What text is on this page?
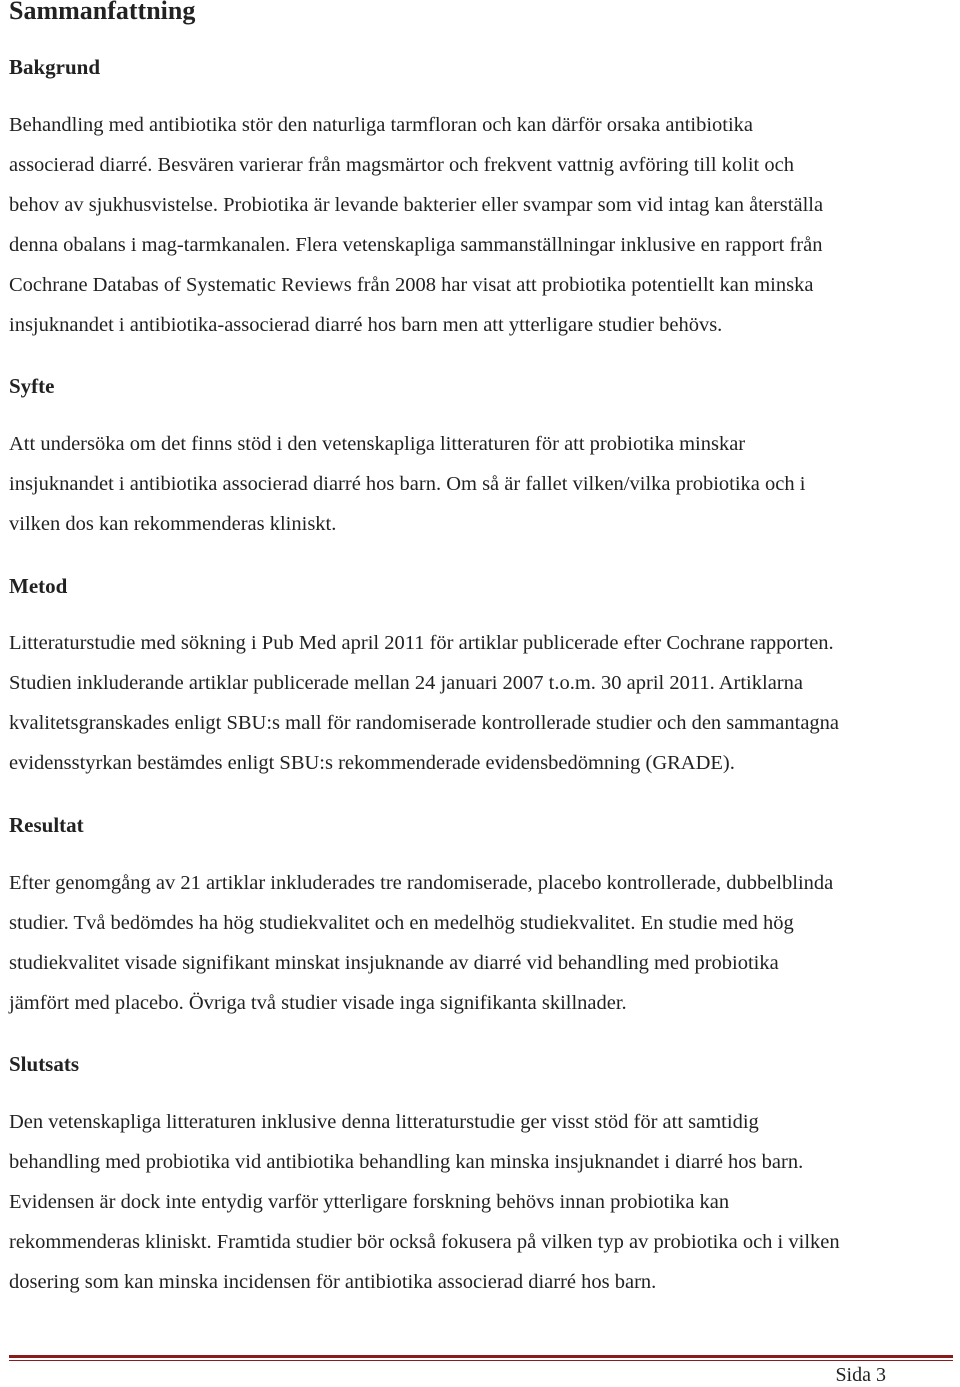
Sammanfattning
Bakgrund

Behandling med antibiotika stör den naturliga tarmfloran och kan därför orsaka antibiotika
associerad diarré. Besvären varierar från magsmärtor och frekvent vattnig avföring till kolit och
behov av sjukhusvistelse. Probiotika är levande bakterier eller svampar som vid intag kan återställa
denna obalans i mag-tarmkanalen. Flera vetenskapliga sammanställningar inklusive en rapport från
Cochrane Databas of Systematic Reviews från 2008 har visat att probiotika potentiellt kan minska
insjuknandet i antibiotika-associerad diarré hos barn men att ytterligare studier behövs.

Syfte

Att undersöka om det finns stöd i den vetenskapliga litteraturen för att probiotika minskar
insjuknandet i antibiotika associerad diarré hos barn. Om så är fallet vilken/vilka probiotika och i
vilken dos kan rekommenderas kliniskt.

Metod

Litteraturstudie med sökning i Pub Med april 2011 för artiklar publicerade efter Cochrane rapporten.
Studien inkluderande artiklar publicerade mellan 24 januari 2007 t.o.m. 30 april 2011. Artiklarna
kvalitetsgranskades enligt SBU:s mall för randomiserade kontrollerade studier och den sammantagna
evidensstyrkan bestämdes enligt SBU:s rekommenderade evidensbedömning (GRADE).

Resultat

Efter genomgång av 21 artiklar inkluderades tre randomiserade, placebo kontrollerade, dubbelblinda
studier. Två bedömdes ha hög studiekvalitet och en medelhög studiekvalitet. En studie med hög
studiekvalitet visade signifikant minskat insjuknande av diarré vid behandling med probiotika
jämfört med placebo. Övriga två studier visade inga signifikanta skillnader.

Slutsats

Den vetenskapliga litteraturen inklusive denna litteraturstudie ger visst stöd för att samtidig
behandling med probiotika vid antibiotika behandling kan minska insjuknandet i diarré hos barn.
Evidensen är dock inte entydig varför ytterligare forskning behövs innan probiotika kan
rekommenderas kliniskt. Framtida studier bör också fokusera på vilken typ av probiotika och i vilken
dosering som kan minska incidensen för antibiotika associerad diarré hos barn.

Sida 3
